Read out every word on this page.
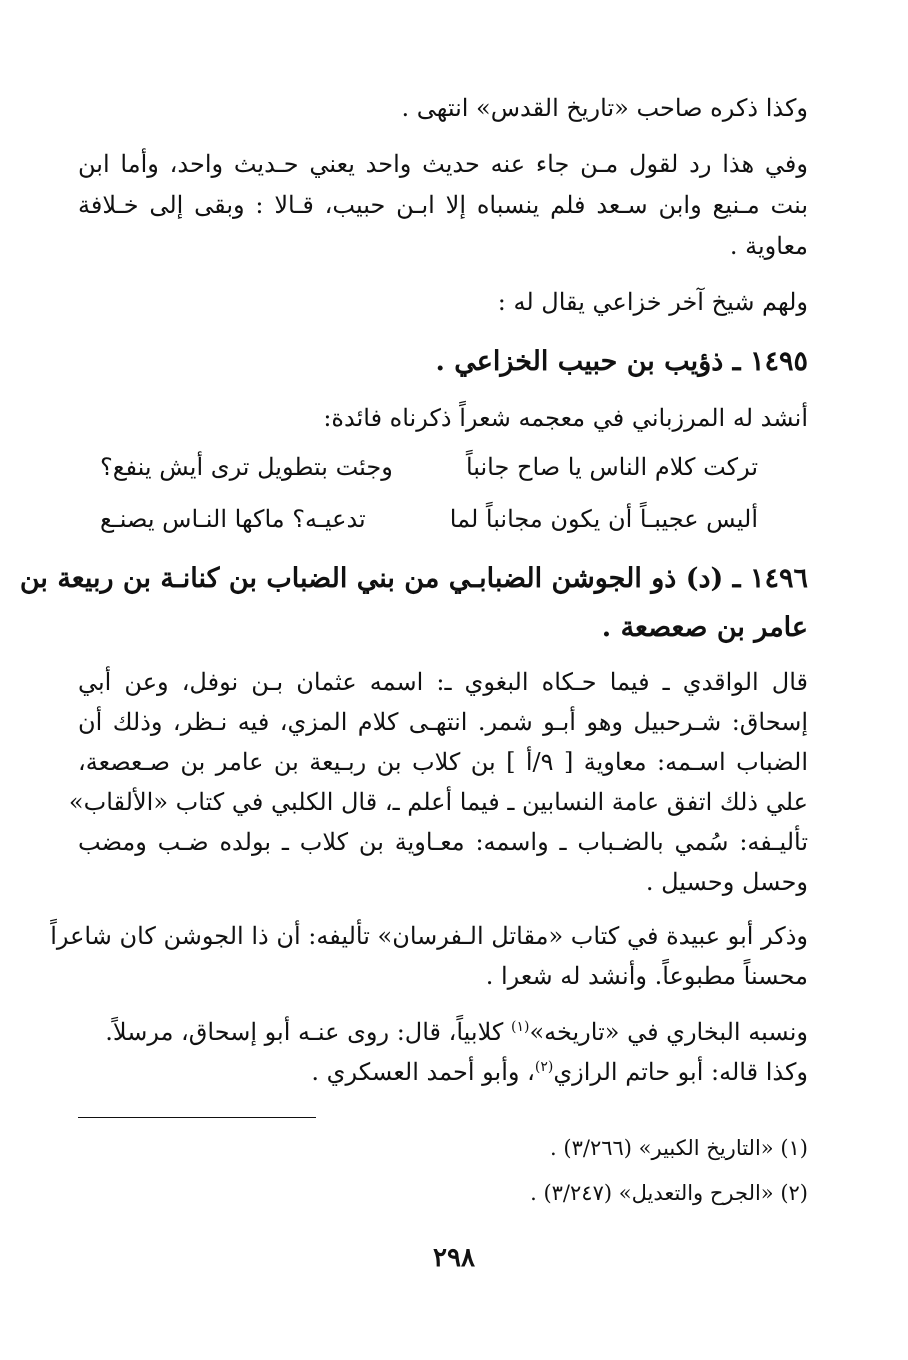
وكذا ذكره صاحب «تاريخ القدس» انتهى .
وفي هذا رد لقول مـن جاء عنه حديث واحد يعني حـديث واحد، وأما ابن
بنت مـنيع وابن سـعد فلم ينسباه إلا ابـن حبيب، قـالا : وبقى إلى خـلافة
معاوية .
ولهم شيخ آخر خزاعي يقال له :
١٤٩٥ ـ ذؤيب بن حبيب الخزاعي .
أنشد له المرزباني في معجمه شعراً ذكرناه فائدة:
تركت كلام الناس يا صاح جانباً
وجئت بتطويل ترى أيش ينفع؟
أليس عجيبـاً أن يكون مجانباً لما
تدعيـه؟ ماكها النـاس يصنـع
١٤٩٦ ـ (د) ذو الجوشن الضبابـي من بني الضباب بن كنانـة بن ربيعة بن
عامر بن صعصعة .
قال الواقدي ـ فيما حـكاه البغوي ـ: اسمه عثمان بـن نوفل، وعن أبي
إسحاق: شـرحبيل وهو أبـو شمر. انتهـى كلام المزي، فيه نـظر، وذلك أن
الضباب اسـمه: معاوية [ ٩/أ ] بن كلاب بن ربـيعة بن عامر بن صـعصعة،
علي ذلك اتفق عامة النسابين ـ فيما أعلم ـ، قال الكلبي في كتاب «الألقاب»
تأليـفه: سُمي بالضـباب ـ واسمه: معـاوية بن كلاب ـ بولده ضـب ومضب
وحسل وحسيل .
وذكر أبو عبيدة في كتاب «مقاتل الـفرسان» تأليفه: أن ذا الجوشن كان شاعراً
محسناً مطبوعاً. وأنشد له شعرا .
ونسبه البخاري في «تاريخه»$^{(١)}$ كلابياً، قال: روى عنـه أبو إسحاق، مرسلاً.
وكذا قاله: أبو حاتم الرازي$^{(٢)}$، وأبو أحمد العسكري .
(١) «التاريخ الكبير» (٣/٢٦٦) .
(٢) «الجرح والتعديل» (٣/٢٤٧) .
٢٩٨
